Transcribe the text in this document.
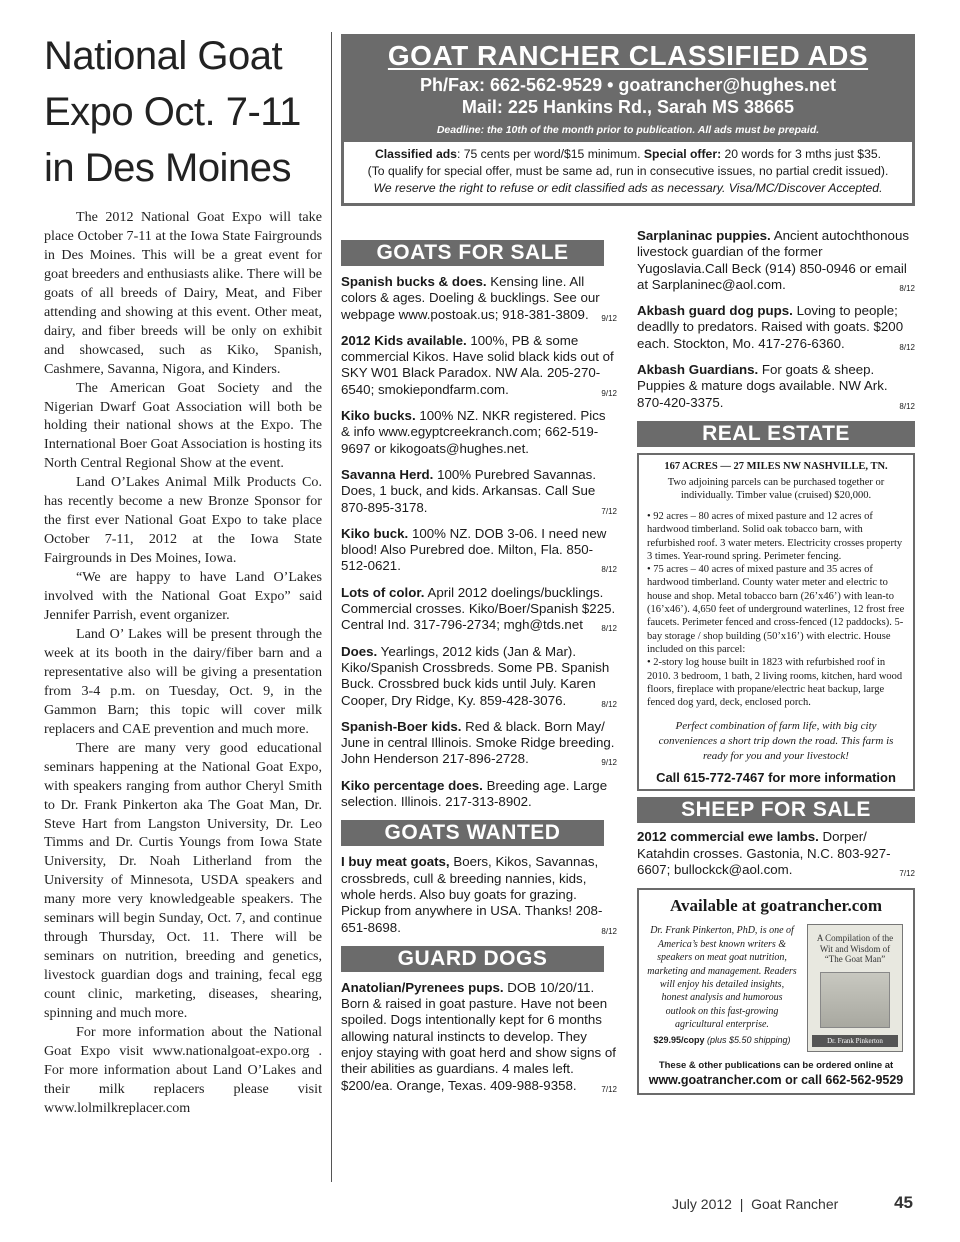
National Goat
Expo Oct. 7-11
in Des Moines

The 2012 National Goat Expo will take place October 7-11 at the Iowa State Fairgrounds in Des Moines. This will be a great event for goat breeders and enthusiasts alike. There will be goats of all breeds of Dairy, Meat, and Fiber attending and showing at this event. Other meat, dairy, and fiber breeds will be only on exhibit and showcased, such as Kiko, Spanish, Cashmere, Savanna, Nigora, and Kinders.

The American Goat Society and the Nigerian Dwarf Goat Association will both be holding their national shows at the Expo. The International Boer Goat Association is hosting its North Central Regional Show at the event.

Land O’Lakes Animal Milk Products Co. has recently become a new Bronze Sponsor for the first ever National Goat Expo to take place October 7-11, 2012 at the Iowa State Fairgrounds in Des Moines, Iowa.

“We are happy to have Land O’Lakes involved with the National Goat Expo” said Jennifer Parrish, event organizer.

Land O’ Lakes will be present through the week at its booth in the dairy/fiber barn and a representative also will be giving a presentation from 3-4 p.m. on Tuesday, Oct. 9, in the Gammon Barn; this topic will cover milk replacers and CAE prevention and much more.

There are many very good educational seminars happening at the National Goat Expo, with speakers ranging from author Cheryl Smith to Dr. Frank Pinkerton aka The Goat Man, Dr. Steve Hart from Langston University, Dr. Leo Timms and Dr. Curtis Youngs from Iowa State University, Dr. Noah Litherland from the University of Minnesota, USDA speakers and many more very knowledgeable speakers. The seminars will begin Sunday, Oct. 7, and continue through Thursday, Oct. 11. There will be seminars on nutrition, breeding and genetics, livestock guardian dogs and training, fecal egg count clinic, marketing, diseases, shearing, spinning and much more.

For more information about the National Goat Expo visit www.nationalgoat-expo.org . For more information about Land O’Lakes and their milk replacers please visit www.lolmilkreplacer.com

GOAT RANCHER CLASSIFIED ADS
Ph/Fax: 662-562-9529 • goatrancher@hughes.net
Mail: 225 Hankins Rd., Sarah MS 38665
Deadline: the 10th of the month prior to publication. All ads must be prepaid.
Classified ads: 75 cents per word/$15 minimum. Special offer: 20 words for 3 mths just $35.
(To qualify for special offer, must be same ad, run in consecutive issues, no partial credit issued).
We reserve the right to refuse or edit classified ads as necessary. Visa/MC/Discover Accepted.
GOATS FOR SALE
Spanish bucks & does. Kensing line. All colors & ages. Doeling & bucklings. See our webpage www.postoak.us; 918-381-3809. 9/12
2012 Kids available. 100%, PB & some commercial Kikos. Have solid black kids out of SKY W01 Black Paradox. NW Ala. 205-270-6540; smokiepondfarm.com.	9/12
Kiko bucks. 100% NZ. NKR registered. Pics & info www.egyptcreekranch.com; 662-519-9697 or kikogoats@hughes.net.
Savanna Herd. 100% Purebred Savannas. Does, 1 buck, and kids. Arkansas. Call Sue 870-895-3178.	7/12
Kiko buck. 100% NZ. DOB 3-06. I need new blood! Also Purebred doe. Milton, Fla. 850-512-0621.	8/12
Lots of color. April 2012 doelings/bucklings. Commercial crosses. Kiko/Boer/Spanish $225. Central Ind. 317-796-2734; mgh@tds.net 8/12
Does. Yearlings, 2012 kids (Jan & Mar). Kiko/Spanish Crossbreds. Some PB. Spanish Buck. Crossbred buck kids until July. Karen Cooper, Dry Ridge, Ky. 859-428-3076.	8/12
Spanish-Boer kids. Red & black. Born May/ June in central Illinois. Smoke Ridge breeding. John Henderson 217-896-2728.	9/12
Kiko percentage does. Breeding age. Large selection. Illinois. 217-313-8902.
GOATS WANTED
I buy meat goats, Boers, Kikos, Savannas, crossbreds, cull & breeding nannies, kids, whole herds. Also buy goats for grazing. Pickup from anywhere in USA. Thanks! 208-651-8698.	8/12
GUARD DOGS
Anatolian/Pyrenees pups. DOB 10/20/11. Born & raised in goat pasture. Have not been spoiled. Dogs intentionally kept for 6 months allowing natural instincts to develop. They enjoy staying with goat herd and show signs of their abilities as guardians. 4 males left. $200/ea. Orange, Texas. 409-988-9358.	7/12
Sarplaninac puppies. Ancient autochthonous livestock guardian of the former Yugoslavia.Call Beck (914) 850-0946 or email at Sarplaninec@aol.com.	8/12
Akbash guard dog pups. Loving to people; deadlly to predators. Raised with goats. $200 each. Stockton, Mo. 417-276-6360.	8/12
Akbash Guardians. For goats & sheep. Puppies & mature dogs available. NW Ark. 870-420-3375.	8/12
REAL ESTATE
167 ACRES — 27 MILES NW NASHVILLE, TN.
Two adjoining parcels can be purchased together or individually. Timber value (cruised) $20,000.
• 92 acres – 80 acres of mixed pasture and 12 acres of hardwood timberland. Solid oak tobacco barn, with refurbished roof. 3 water meters. Electricity crosses property 3 times. Year-round spring. Perimeter fencing.
• 75 acres – 40 acres of mixed pasture and 35 acres of hardwood timberland. County water meter and electric to house and shop. Metal tobacco barn (26’x46’) with lean-to (16’x46’). 4,650 feet of underground waterlines, 12 frost free faucets. Perimeter fenced and cross-fenced (12 paddocks). 5-bay storage / shop building (50’x16’) with electric. House included on this parcel:
• 2-story log house built in 1823 with refurbished roof in 2010. 3 bedroom, 1 bath, 2 living rooms, kitchen, hard wood floors, fireplace with propane/electric heat backup, large fenced dog yard, deck, enclosed porch.
Perfect combination of farm life, with big city conveniences a short trip down the road. This farm is ready for you and your livestock!
Call 615-772-7467 for more information
SHEEP FOR SALE
2012 commercial ewe lambs. Dorper/ Katahdin crosses. Gastonia, N.C. 803-927-6607; bullockck@aol.com.	7/12
Available at goatrancher.com
Dr. Frank Pinkerton, PhD, is one of America’s best known writers & speakers on meat goat nutrition, marketing and management. Readers will enjoy his detailed insights, honest analysis and humorous outlook on this fast-growing agricultural enterprise.
$29.95/copy (plus $5.50 shipping)
A Compilation of the Wit and Wisdom of “The Goat Man”
Dr. Frank Pinkerton
These & other publications can be ordered online at
www.goatrancher.com or call 662-562-9529
July 2012  |  Goat Rancher	45
